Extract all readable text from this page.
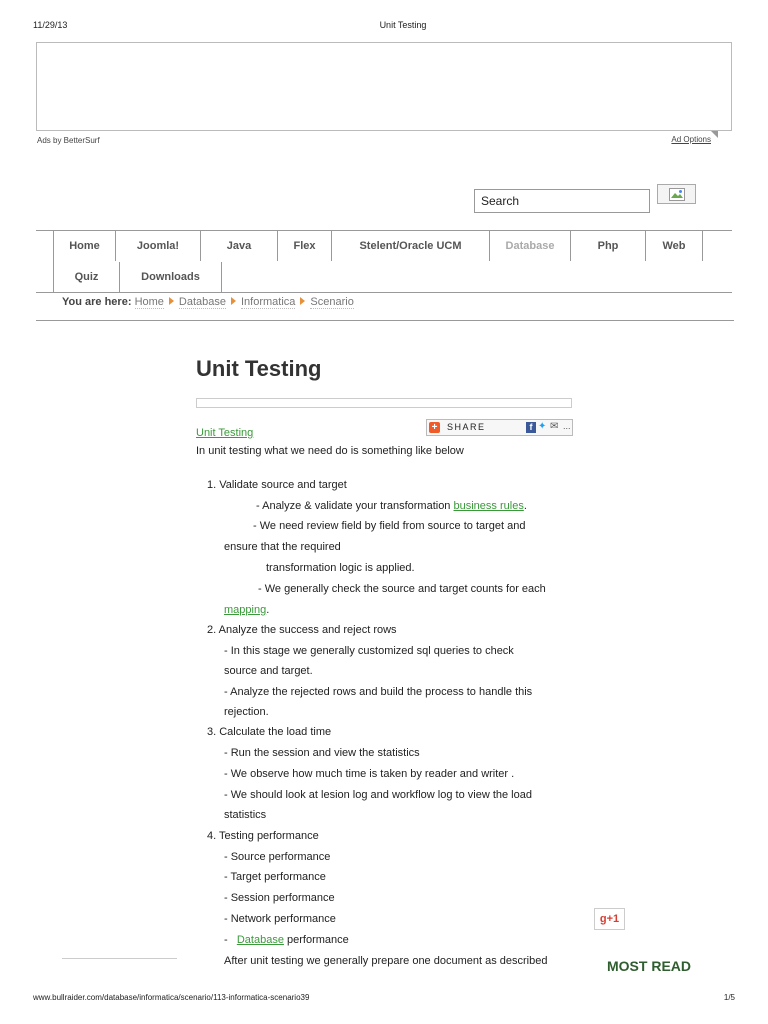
11/29/13	Unit Testing
Ads by BetterSurf	Ad Options
Search
Home	Joomla!	Java	Flex	Stelent/Oracle UCM	Database	Php	Web
Quiz	Downloads
You are here: Home Database Informatica Scenario
Unit Testing
+ SHARE	f ✦ ✉ ...
Unit Testing
In unit testing what we need do is something like below
1. Validate source and target
- Analyze & validate your transformation business rules.
- We need review field by field from source to target and
ensure that the required
transformation logic is applied.
- We generally check the source and target counts for each
mapping.
2. Analyze the success and reject rows
- In this stage we generally customized sql queries to check
source and target.
- Analyze the rejected rows and build the process to handle this
rejection.
3. Calculate the load time
- Run the session and view the statistics
- We observe how much time is taken by reader and writer .
- We should look at lesion log and workflow log to view the load
statistics
4. Testing performance
- Source performance
- Target performance
- Session performance
- Network performance
- Database performance
After unit testing we generally prepare one document as described
g+1
MOST READ
www.bullraider.com/database/informatica/scenario/113-informatica-scenario39	1/5
